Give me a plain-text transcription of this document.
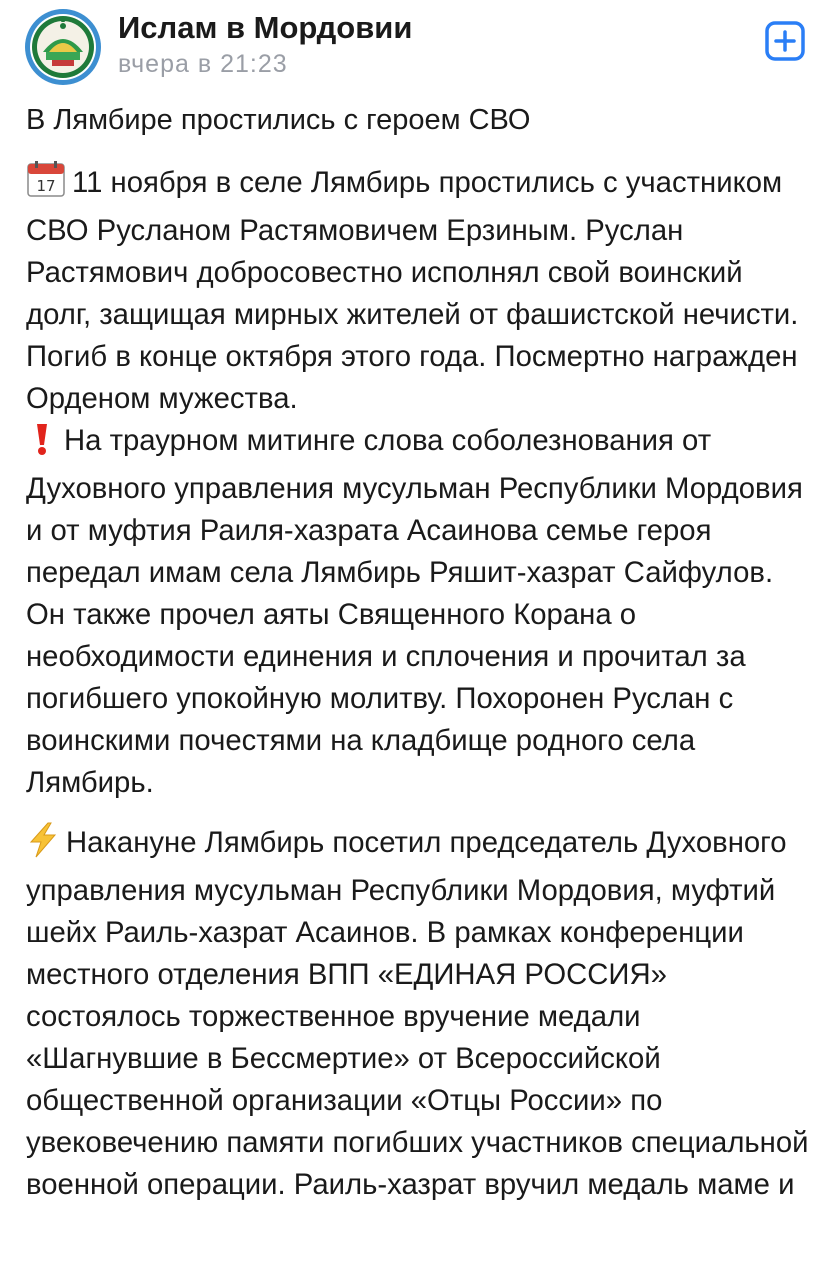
Ислам в Мордовии
вчера в 21:23
В Лямбире простились с героем СВО

17 11 ноября в селе Лямбирь простились с участником СВО Русланом Растямовичем Ерзиным. Руслан Растямович добросовестно исполнял свой воинский долг, защищая мирных жителей от фашистской нечисти. Погиб в конце октября этого года. Посмертно награжден Орденом мужества.

На траурном митинге слова соболезнования от Духовного управления мусульман Республики Мордовия и от муфтия Раиля-хазрата Асаинова семье героя передал имам села Лямбирь Ряшит-хазрат Сайфулов. Он также прочел аяты Священного Корана о необходимости единения и сплочения и прочитал за погибшего упокойную молитву. Похоронен Руслан с воинскими почестями на кладбище родного села Лямбирь.

Накануне Лямбирь посетил председатель Духовного управления мусульман Республики Мордовия, муфтий шейх Раиль-хазрат Асаинов. В рамках конференции местного отделения ВПП «ЕДИНАЯ РОССИЯ» состоялось торжественное вручение медали «Шагнувшие в Бессмертие» от Всероссийской общественной организации «Отцы России» по увековечению памяти погибших участников специальной военной операции. Раиль-хазрат вручил медаль маме и
